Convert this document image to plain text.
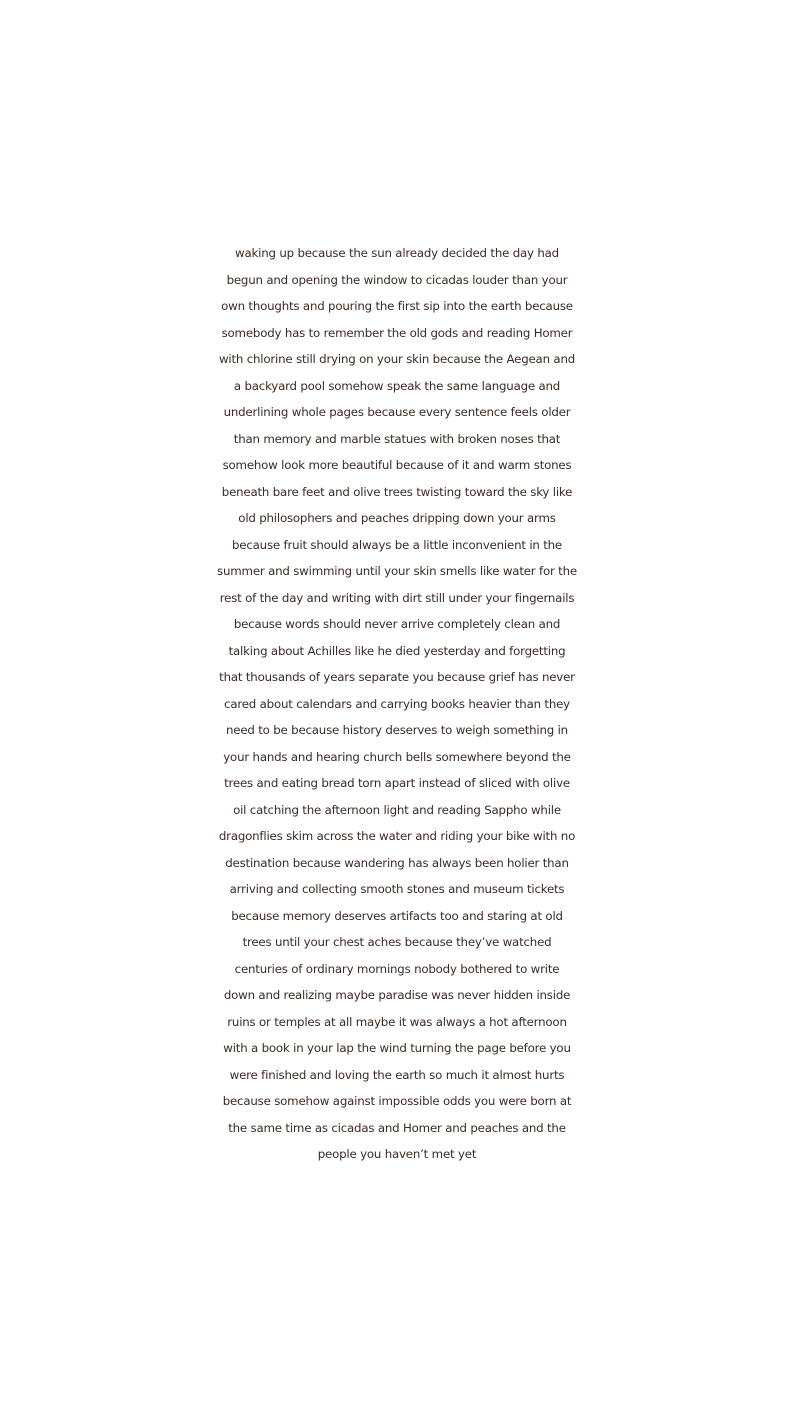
waking up because the sun already decided the day had
begun and opening the window to cicadas louder than your
own thoughts and pouring the first sip into the earth because
somebody has to remember the old gods and reading Homer
with chlorine still drying on your skin because the Aegean and
a backyard pool somehow speak the same language and
underlining whole pages because every sentence feels older
than memory and marble statues with broken noses that
somehow look more beautiful because of it and warm stones
beneath bare feet and olive trees twisting toward the sky like
old philosophers and peaches dripping down your arms
because fruit should always be a little inconvenient in the
summer and swimming until your skin smells like water for the
rest of the day and writing with dirt still under your fingernails
because words should never arrive completely clean and
talking about Achilles like he died yesterday and forgetting
that thousands of years separate you because grief has never
cared about calendars and carrying books heavier than they
need to be because history deserves to weigh something in
your hands and hearing church bells somewhere beyond the
trees and eating bread torn apart instead of sliced with olive
oil catching the afternoon light and reading Sappho while
dragonflies skim across the water and riding your bike with no
destination because wandering has always been holier than
arriving and collecting smooth stones and museum tickets
because memory deserves artifacts too and staring at old
trees until your chest aches because they’ve watched
centuries of ordinary mornings nobody bothered to write
down and realizing maybe paradise was never hidden inside
ruins or temples at all maybe it was always a hot afternoon
with a book in your lap the wind turning the page before you
were finished and loving the earth so much it almost hurts
because somehow against impossible odds you were born at
the same time as cicadas and Homer and peaches and the
people you haven’t met yet
